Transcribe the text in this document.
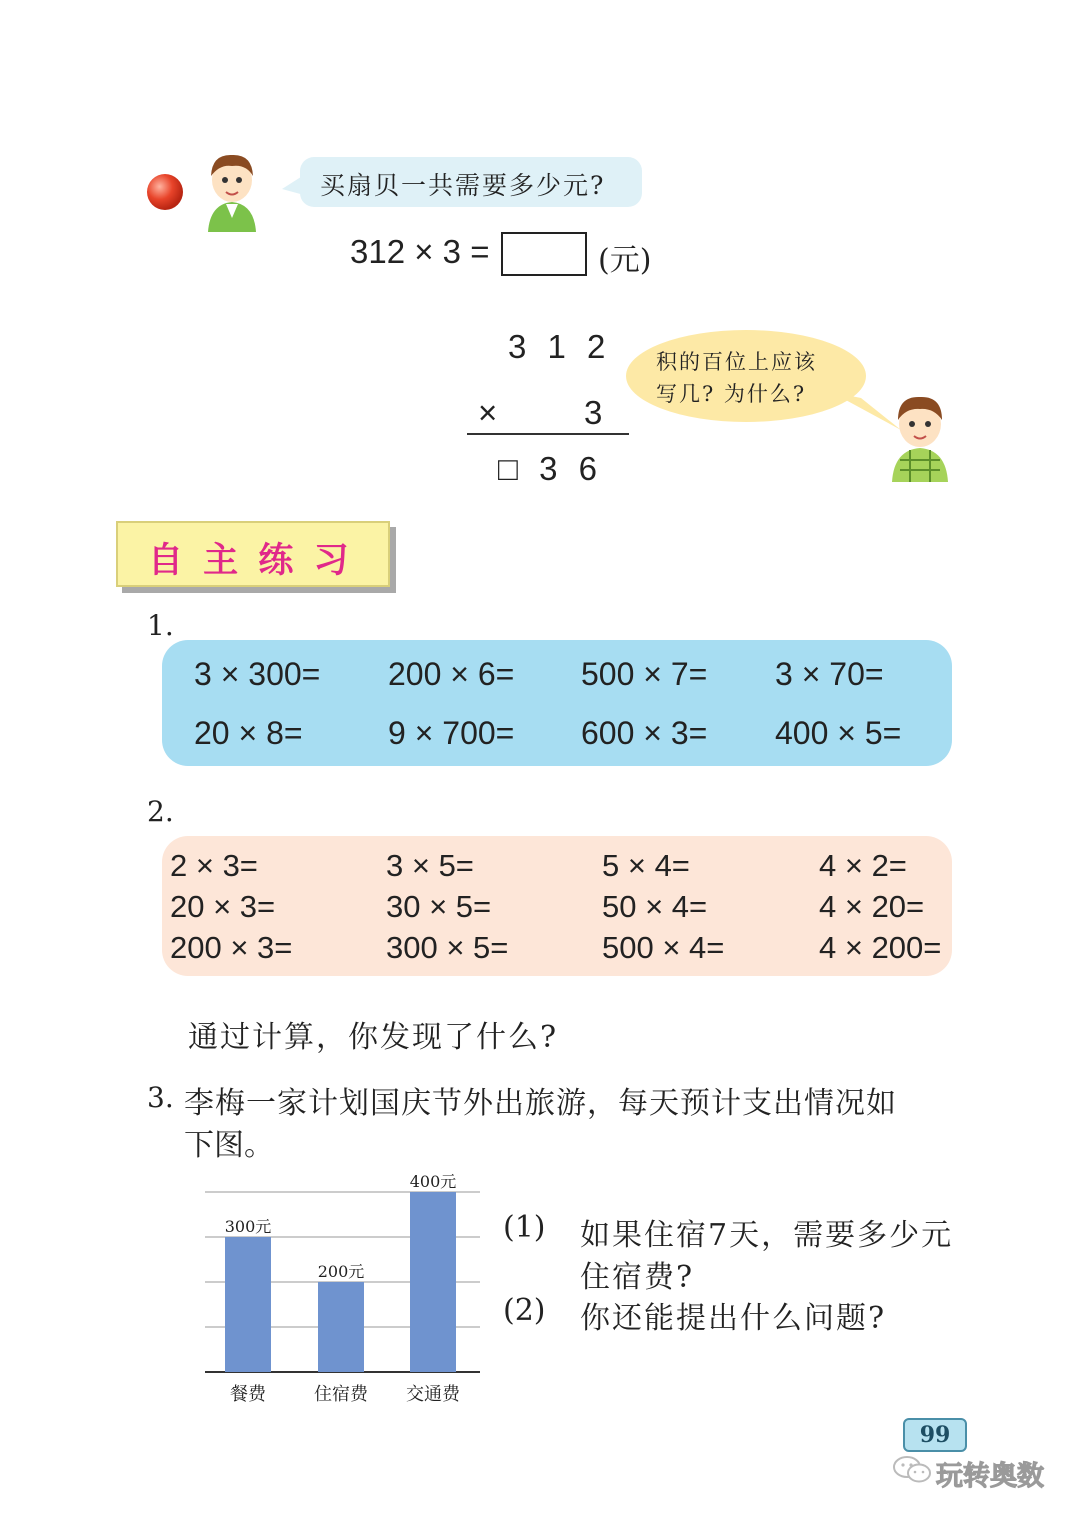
买扇贝一共需要多少元?
312 × 3 =	(元)
3 1 2
×	3
□ 3 6
积的百位上应该
写几? 为什么?
自 主 练 习
1.
3 × 300= 200 × 6= 500 × 7= 3 × 70=
20 × 8=	9 × 700= 600 × 3= 400 × 5=
2.
2 × 3=	3 × 5=	5 × 4=	4 × 2=
20 × 3=	30 × 5=	50 × 4=	4 × 20=
200 × 3=	300 × 5=	500 × 4=	4 × 200=
通过计算，你发现了什么?
3. 李梅一家计划国庆节外出旅游，每天预计支出情况如
下图。
300元
餐费
200元
住宿费
400元
交通费
(1) 如果住宿7天，需要多少元
住宿费?
(2) 你还能提出什么问题?
99
玩转奥数
